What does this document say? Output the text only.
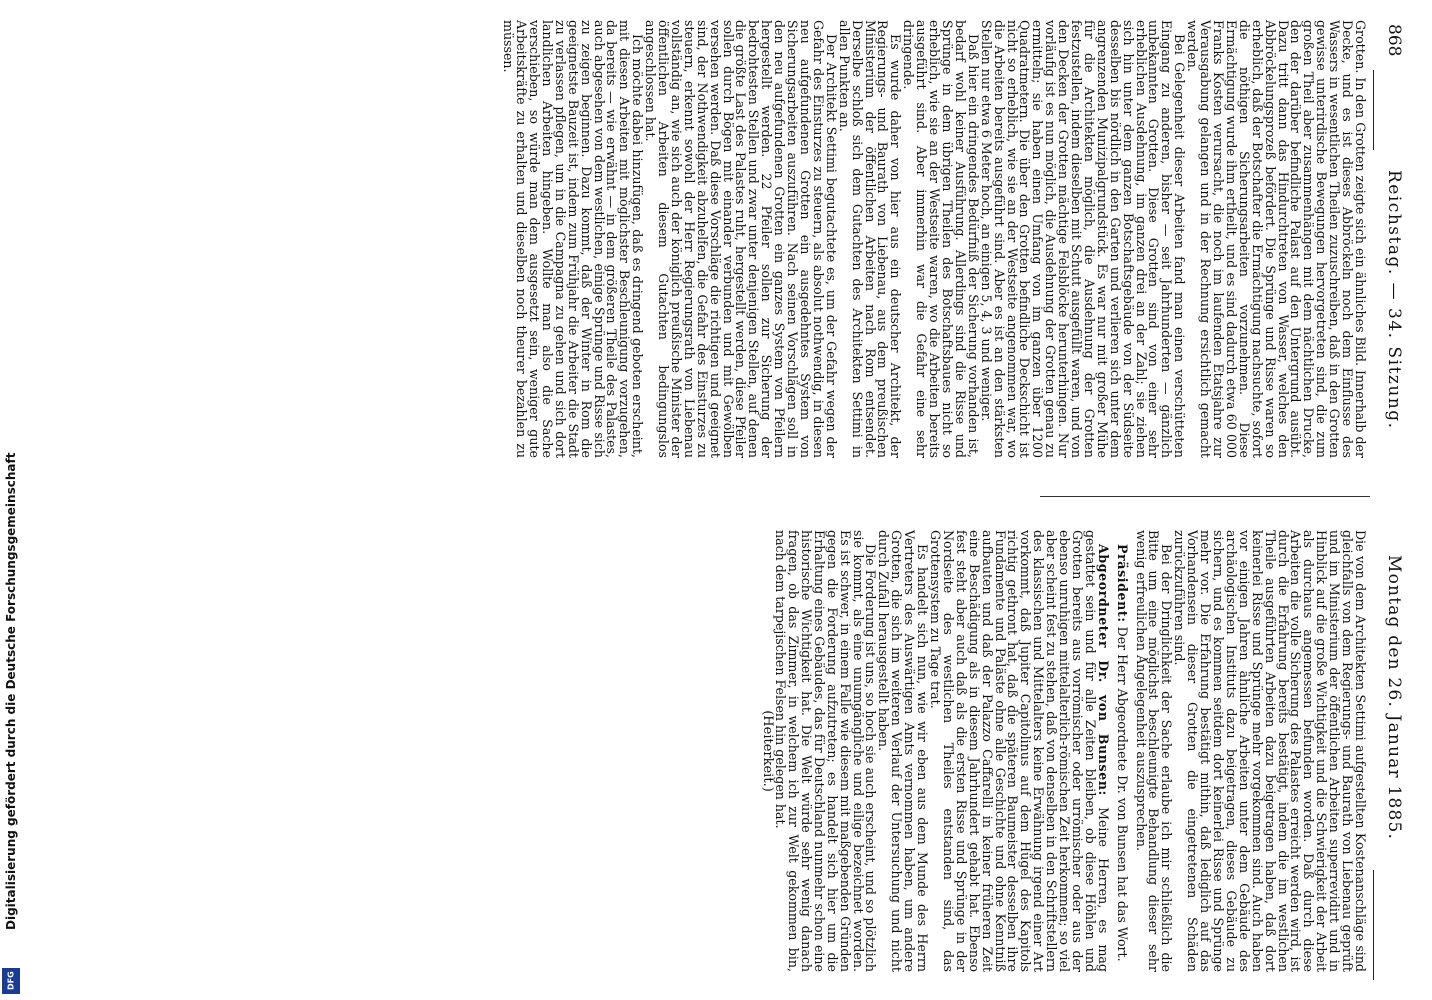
Digitalisierung gefördert durch die Deutsche Forschungsgemeinschaft
DFG
868
Reichstag. — 34. Sitzung.
Montag den 26. Januar 1885.

Grotten. In den Grotten zeigte sich ein ähnliches Bild. Innerhalb der Decke, und es ist dieses Abbröckeln noch dem Einflusse des Wassers in wesentlichen Theilen zuzuschreiben, daß in den Grotten gewisse unterirdische Bewegungen hervorgetreten sind, die zum großen Theil aber zusammenhängen mit dem nächtlichen Drucke, den der darüber befindliche Palast auf den Untergrund ausübt. Dazu tritt dann das Hindurchtreten von Wasser, welches den Abbröckelungsprozeß befördert. Die Sprünge und Risse waren so erheblich, daß der Botschafter die Ermächtigung nachsuchte, sofort die nöthigen Sicherungsarbeiten vorzunehmen. Diese Ermächtigung wurde ihm ertheilt, und es sind dadurch etwa 60 000 Franks Kosten verursacht, die noch im laufenden Etatsjahre zur Verausgabung gelangen und in der Rechnung ersichtlich gemacht werden.

Bei Gelegenheit dieser Arbeiten fand man einen verschütteten Eingang zu anderen, bisher — seit Jahrhunderten — gänzlich unbekannten Grotten. Diese Grotten sind von einer sehr erheblichen Ausdehnung, im ganzen drei an der Zahl; sie ziehen sich hin unter dem ganzen Botschaftsgebäude von der Südseite desselben bis nördlich in den Garten und verlieren sich unter dem angrenzenden Munizipalgrundstück. Es war nur mit großer Mühe für die Architekten möglich, die Ausdehnung der Grotten festzustellen, indem dieselben mit Schutt ausgefüllt waren, und von den Decken der Grotten mächtige Felsblöcke herunterhingen. Nur vorläufig ist es nun möglich, die Ausdehnung der Grotten genau zu ermitteln; sie haben einen Umfang von im ganzen über 1200 Quadratmetern. Die über den Grotten befindliche Deckschicht ist nicht so erheblich, wie sie an der Westseite angenommen war, wo die Arbeiten bereits ausgeführt sind. Aber es ist an den stärksten Stellen nur etwa 6 Meter hoch, an einigen 5, 4, 3 und weniger.

Daß hier ein dringendes Bedürfniß der Sicherung vorhanden ist, bedarf wohl keiner Ausführung. Allerdings sind die Risse und Sprünge in dem übrigen Theilen des Botschaftsbaues nicht so erheblich, wie sie an der Westseite waren, wo die Arbeiten bereits ausgeführt sind. Aber immerhin war die Gefahr eine sehr dringende.

Es wurde daher von hier aus ein deutscher Architekt, der Regierungs- und Baurath von Liebenau, aus dem preußischen Ministerium der öffentlichen Arbeiten nach Rom entsendet. Derselbe schloß sich dem Gutachten des Architekten Settimi in allen Punkten an.

Der Architekt Settimi begutachtete es, um der Gefahr wegen der Gefahr des Einsturzes zu steuern, als absolut nothwendig, in diesen neu aufgefundenen Grotten ein ausgedehntes System von Sicherungsarbeiten auszuführen. Nach seinen Vorschlägen soll in den neu aufgefundenen Grotten ein ganzes System von Pfeilern hergestellt werden. 22 Pfeiler sollen zur Sicherung der bedrohtesten Stellen und zwar unter denjenigen Stellen, auf denen die größte Last des Palastes ruht, hergestellt werden, diese Pfeiler sollen durch Bögen mit einander verbunden und mit Gewölben versehen werden. Daß diese Vorschläge die richtigen und geeignet sind, der Nothwendigkeit abzuhelfen, die Gefahr des Einsturzes zu steuern, erkennt sowohl der Herr Regierungsrath von Liebenau vollständig an, wie sich auch der königlich preußische Minister der öffentlichen Arbeiten diesem Gutachten bedingungslos angeschlossen hat.

Ich möchte dabei hinzufügen, daß es dringend geboten erscheint, mit diesen Arbeiten mit möglichster Beschleunigung vorzugehen, da bereits — wie erwähnt — in dem größeren Theile des Palastes, auch abgesehen von dem westlichen, einige Sprünge und Risse sich zu zeigen beginnen. Dazu kommt, daß der Winter in Rom die geeignetste Bauzeit ist, indem zum Frühjahr die Arbeiter die Stadt zu verlassen pflegen, um in die Campagna zu gehen und sich dort landlichen Arbeiten hingeben. Wollte man also die Sache verschieben, so würde man dem ausgesetzt sein, weniger gute Arbeitskräfte zu erhalten und dieselben noch theurer bezahlen zu müssen.

Die von dem Architekten Settimi aufgestellten Kostenanschläge sind gleichfalls von dem Regierungs- und Baurath von Liebenau geprüft und im Ministerium der öffentlichen Arbeiten superrevidirt und in Hinblick auf die große Wichtigkeit und die Schwierigkeit der Arbeit als durchaus angemessen befunden worden. Daß durch diese Arbeiten die volle Sicherung des Palastes erreicht werden wird, ist durch die Erfahrung bereits bestätigt, indem die im westlichen Theile ausgeführten Arbeiten dazu beigetragen haben, daß dort keinerlei Risse und Sprünge mehr vorgekommen sind. Auch haben vor einigen Jahren ähnliche Arbeiten unter dem Gebäude des archäologischen Instituts dazu beigetragen, dieses Gebäude zu sichern, und es kommen seitdem dort keinerlei Risse und Sprünge mehr vor. Die Erfahrung bestätigt mithin, daß lediglich auf das Vorhandensein dieser Grotten die eingetretenen Schäden zurückzuführen sind.

Bei der Dringlichkeit der Sache erlaube ich mir schließlich die Bitte um eine möglichst beschleunigte Behandlung dieser sehr wenig erfreulichen Angelegenheit auszusprechen.

Präsident: Der Herr Abgeordnete Dr. von Bunsen hat das Wort.

Abgeordneter Dr. von Bunsen: Meine Herren, es mag gestattet sein und für alle Zeiten bleiben, ob diese Höhlen und Grotten bereits aus vorrömischer oder urrömischer oder aus der ebenso unruhigen mittelalterlich-römischen Zeit herkommen; so viel aber scheint fest zu stehen, daß von denselben in den Schriftstellern des klassischen und Mittelalters keine Erwähnung irgend einer Art vorkommt, daß Jupiter Capitolinus auf dem Hügel des Kapitols richtig gethront hat, daß die späteren Baumeister desselben ihre Fundamente und Paläste ohne alle Geschichte und ohne Kenntniß aufbauten und daß der Palazzo Caffarelli in keiner früheren Zeit eine Beschädigung als in diesem Jahrhundert gehabt hat. Ebenso fest steht aber auch daß als die ersten Risse und Sprünge in der Nordseite des westlichen Theiles entstanden sind, das Grottensystem zu Tage trat.

Es handelt sich nun, wie wir eben aus dem Munde des Herrn Vertreters des Auswärtigen Amts vernommen haben, um andere Grotten, die sich im weiteren Verlauf der Untersuchung und nicht durch Zufall herausgestellt haben.

Die Forderung ist uns, so hoch sie auch erscheint, und so plötzlich sie kommt, als eine unumgängliche und eilige bezeichnet worden. Es ist schwer, in einem Falle wie diesem mit maßgebenden Gründen gegen die Forderung aufzutreten; es handelt sich hier um die Erhaltung eines Gebäudes, das für Deutschland nunmehr schon eine historische Wichtigkeit hat. Die Welt würde sehr wenig danach fragen, ob das Zimmer, in welchem ich zur Welt gekommen bin, nach dem tarpejischen Felsen hin gelegen hat.

(Heiterkeit.)
